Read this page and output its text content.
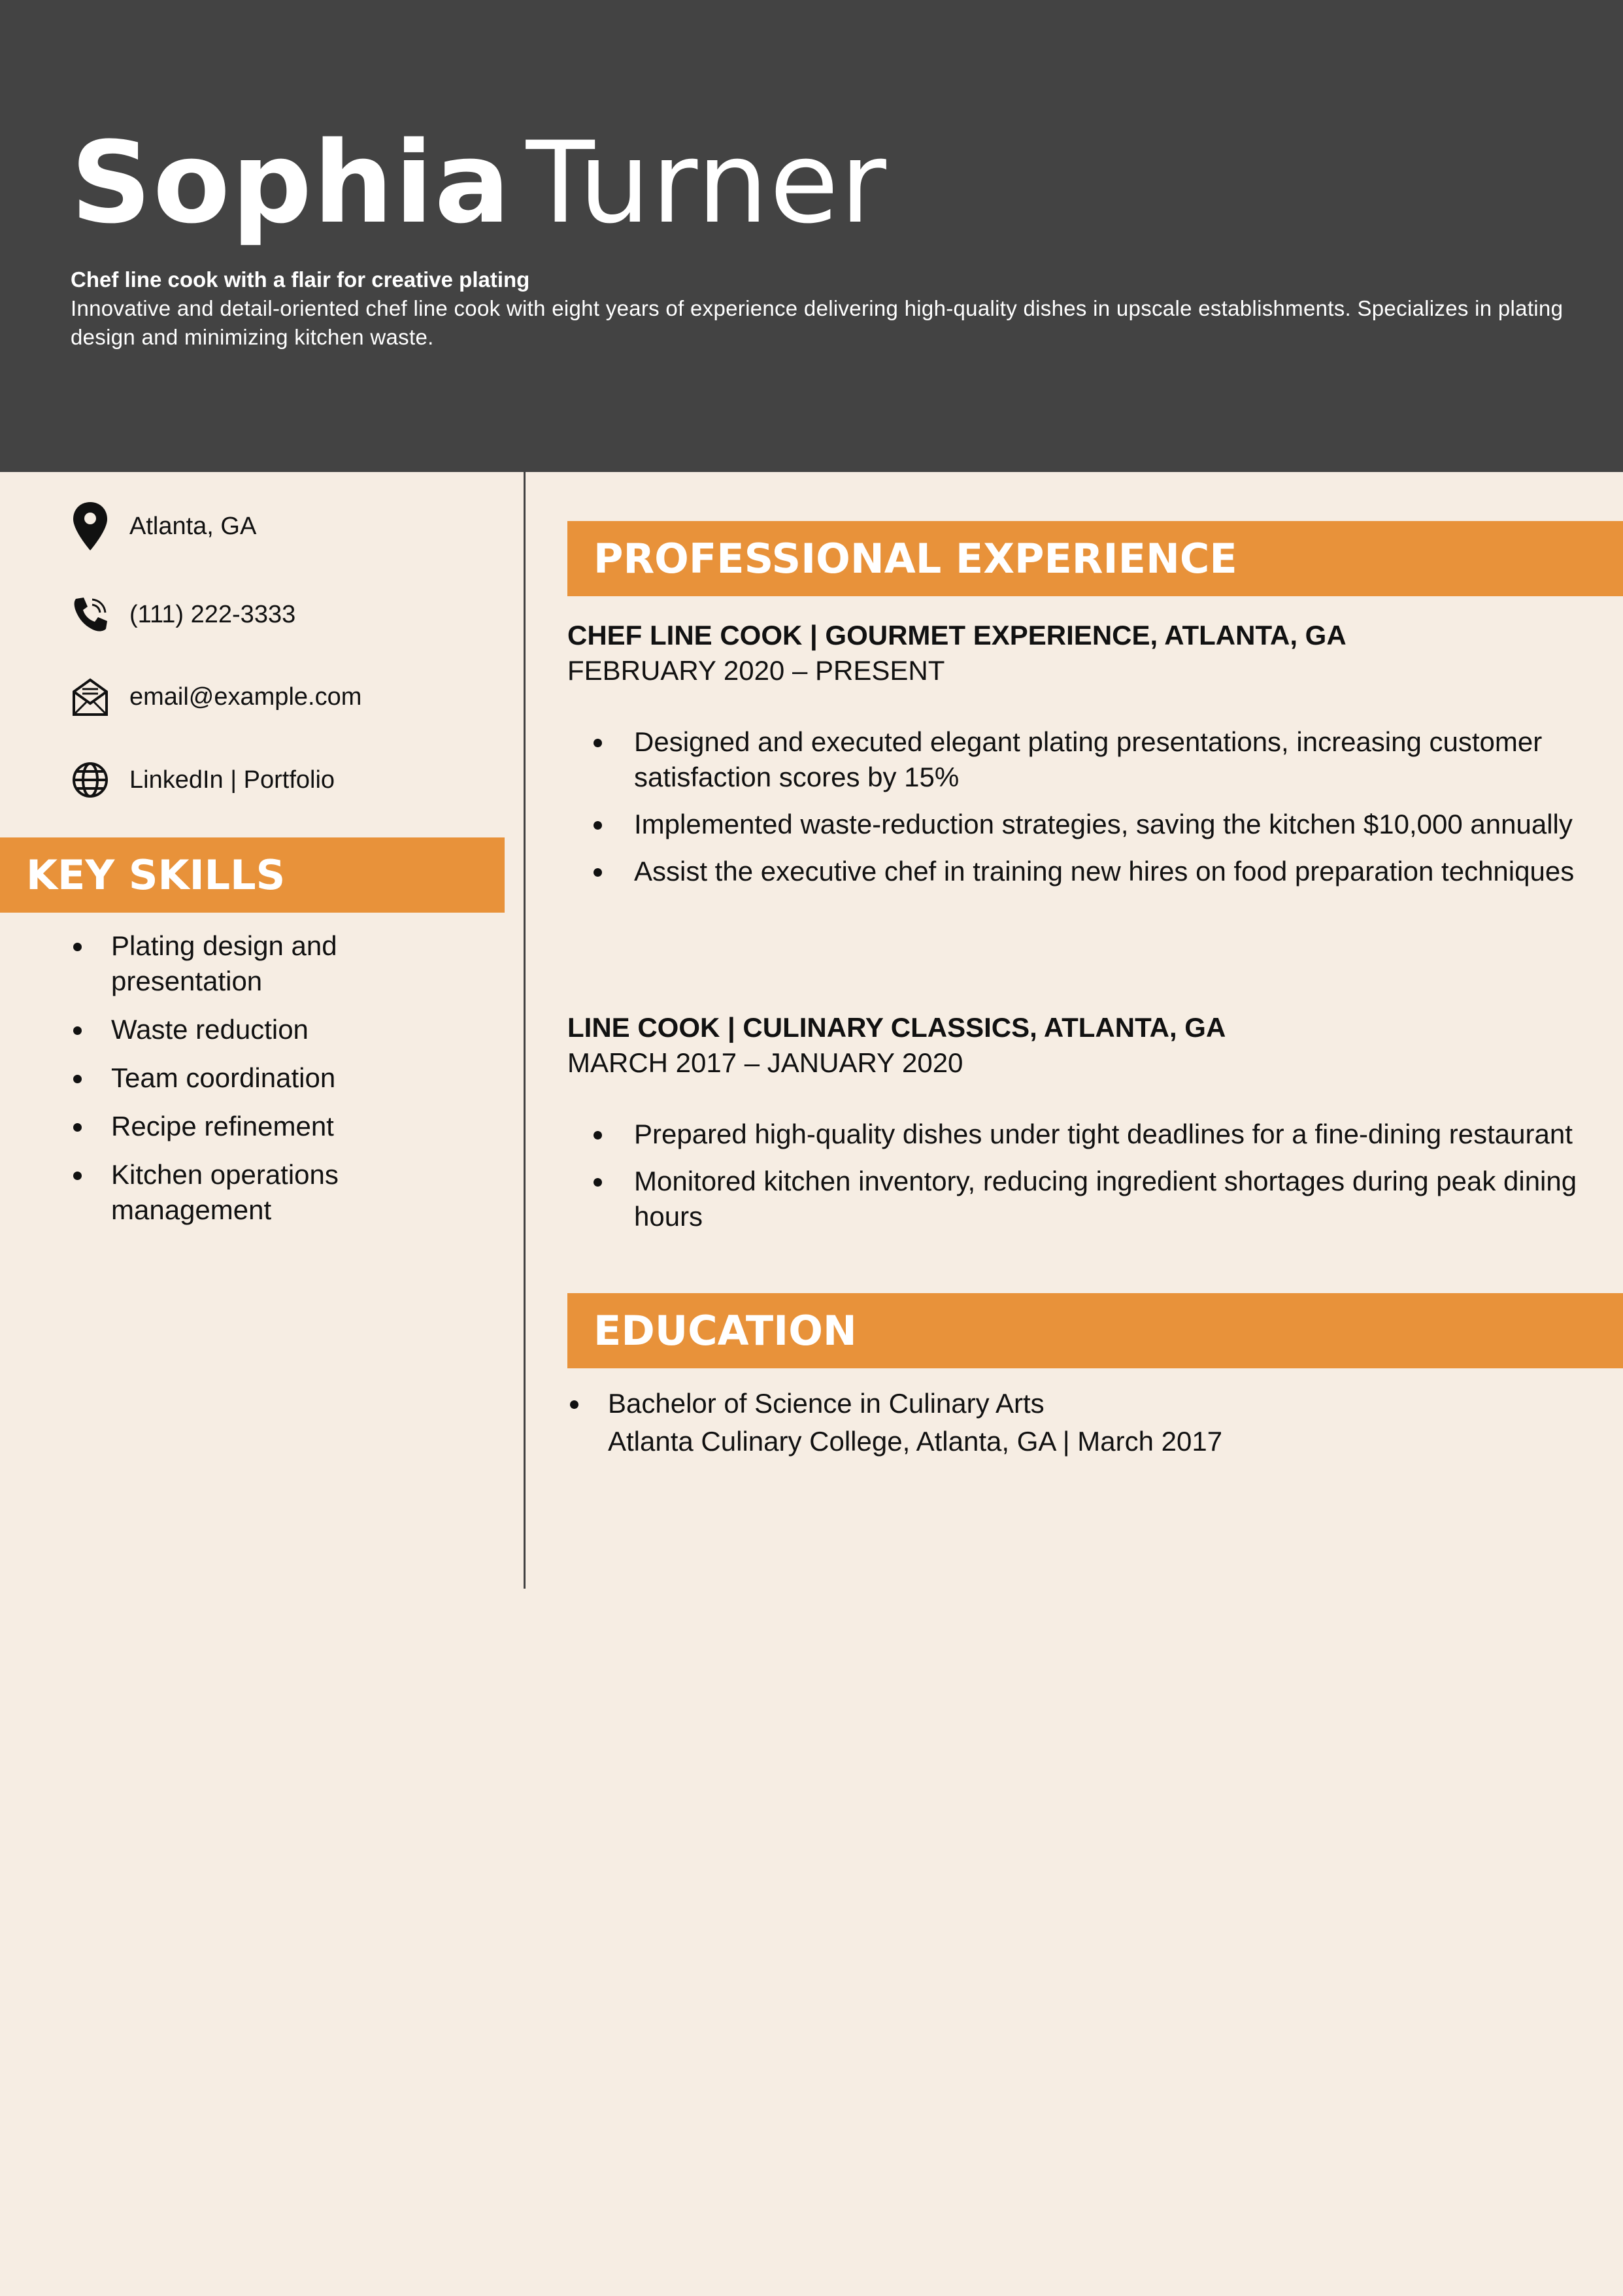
Sophia Turner
Chef line cook with a flair for creative plating
Innovative and detail-oriented chef line cook with eight years of experience delivering high-quality dishes in upscale establishments. Specializes in plating design and minimizing kitchen waste.
Atlanta, GA
(111) 222-3333
email@example.com
LinkedIn | Portfolio
KEY SKILLS
Plating design and presentation
Waste reduction
Team coordination
Recipe refinement
Kitchen operations management
PROFESSIONAL EXPERIENCE
CHEF LINE COOK | GOURMET EXPERIENCE, ATLANTA, GA
FEBRUARY 2020 – PRESENT
Designed and executed elegant plating presentations, increasing customer satisfaction scores by 15%
Implemented waste-reduction strategies, saving the kitchen $10,000 annually
Assist the executive chef in training new hires on food preparation techniques
LINE COOK | CULINARY CLASSICS, ATLANTA, GA
MARCH 2017 – JANUARY 2020
Prepared high-quality dishes under tight deadlines for a fine-dining restaurant
Monitored kitchen inventory, reducing ingredient shortages during peak dining hours
EDUCATION
Bachelor of Science in Culinary Arts
Atlanta Culinary College, Atlanta, GA | March 2017
